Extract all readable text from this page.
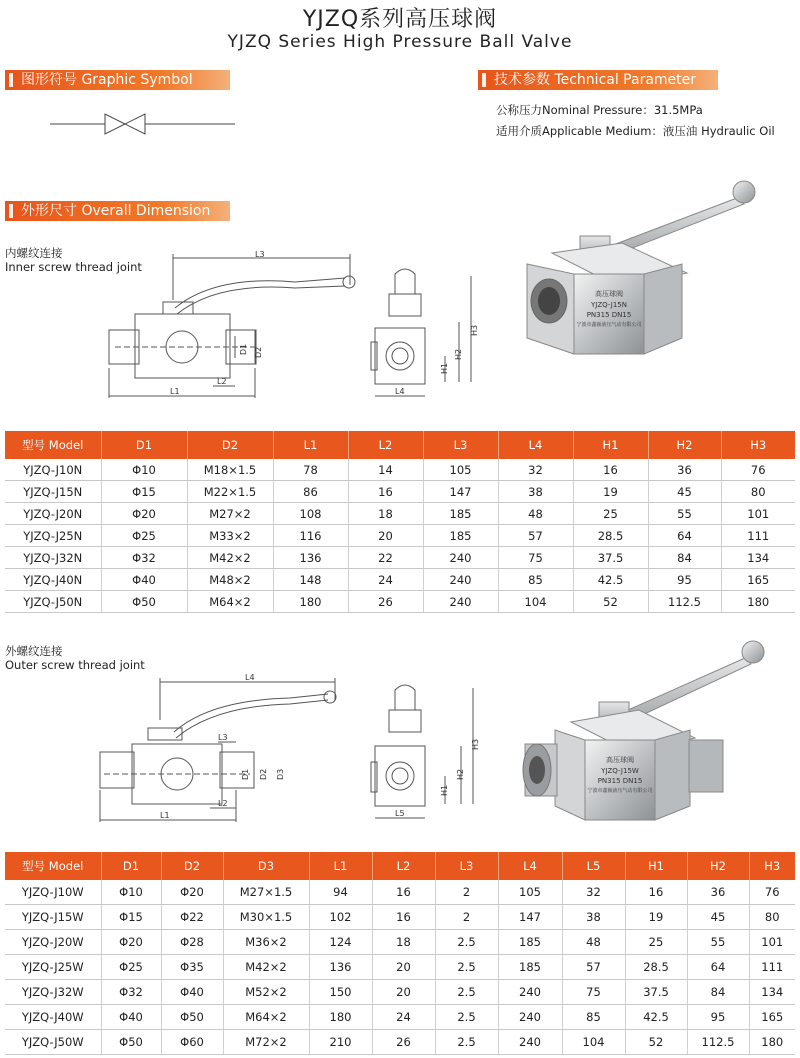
YJZQ系列高压球阀
YJZQ Series High Pressure Ball Valve
图形符号 Graphic Symbol	技术参数 Technical Parameter
外形尺寸 Overall Dimension
公称压力Nominal Pressure：31.5MPa
适用介质Applicable Medium：液压油 Hydraulic Oil
内螺纹连接
Inner screw thread joint
L3
D1 D2
L2
L1
H3
H2
H1
L4
高压球阀
YJZQ-J15N
PN315 DN15
宁波市鑫瓯液压气动有限公司
型号 Model	D1	D2	L1	L2	L3	L4	H1	H2	H3
YJZQ-J10N	Φ10	M18×1.5	78	14	105	32	16	36	76
YJZQ-J15N	Φ15	M22×1.5	86	16	147	38	19	45	80
YJZQ-J20N	Φ20	M27×2	108	18	185	48	25	55	101
YJZQ-J25N	Φ25	M33×2	116	20	185	57	28.5	64	111
YJZQ-J32N	Φ32	M42×2	136	22	240	75	37.5	84	134
YJZQ-J40N	Φ40	M48×2	148	24	240	85	42.5	95	165
YJZQ-J50N	Φ50	M64×2	180	26	240	104	52	112.5	180
外螺纹连接
Outer screw thread joint
L4
L3
D1 D2 D3
L2
L1
H3
H2
H1
L5
高压球阀
YJZQ-J15W
PN315 DN15
宁波市鑫瓯液压气动有限公司
型号 Model	D1	D2	D3	L1	L2	L3	L4	L5	H1	H2	H3
YJZQ-J10W	Φ10	Φ20	M27×1.5	94	16	2	105	32	16	36	76
YJZQ-J15W	Φ15	Φ22	M30×1.5	102	16	2	147	38	19	45	80
YJZQ-J20W	Φ20	Φ28	M36×2	124	18	2.5	185	48	25	55	101
YJZQ-J25W	Φ25	Φ35	M42×2	136	20	2.5	185	57	28.5	64	111
YJZQ-J32W	Φ32	Φ40	M52×2	150	20	2.5	240	75	37.5	84	134
YJZQ-J40W	Φ40	Φ50	M64×2	180	24	2.5	240	85	42.5	95	165
YJZQ-J50W	Φ50	Φ60	M72×2	210	26	2.5	240	104	52	112.5	180
